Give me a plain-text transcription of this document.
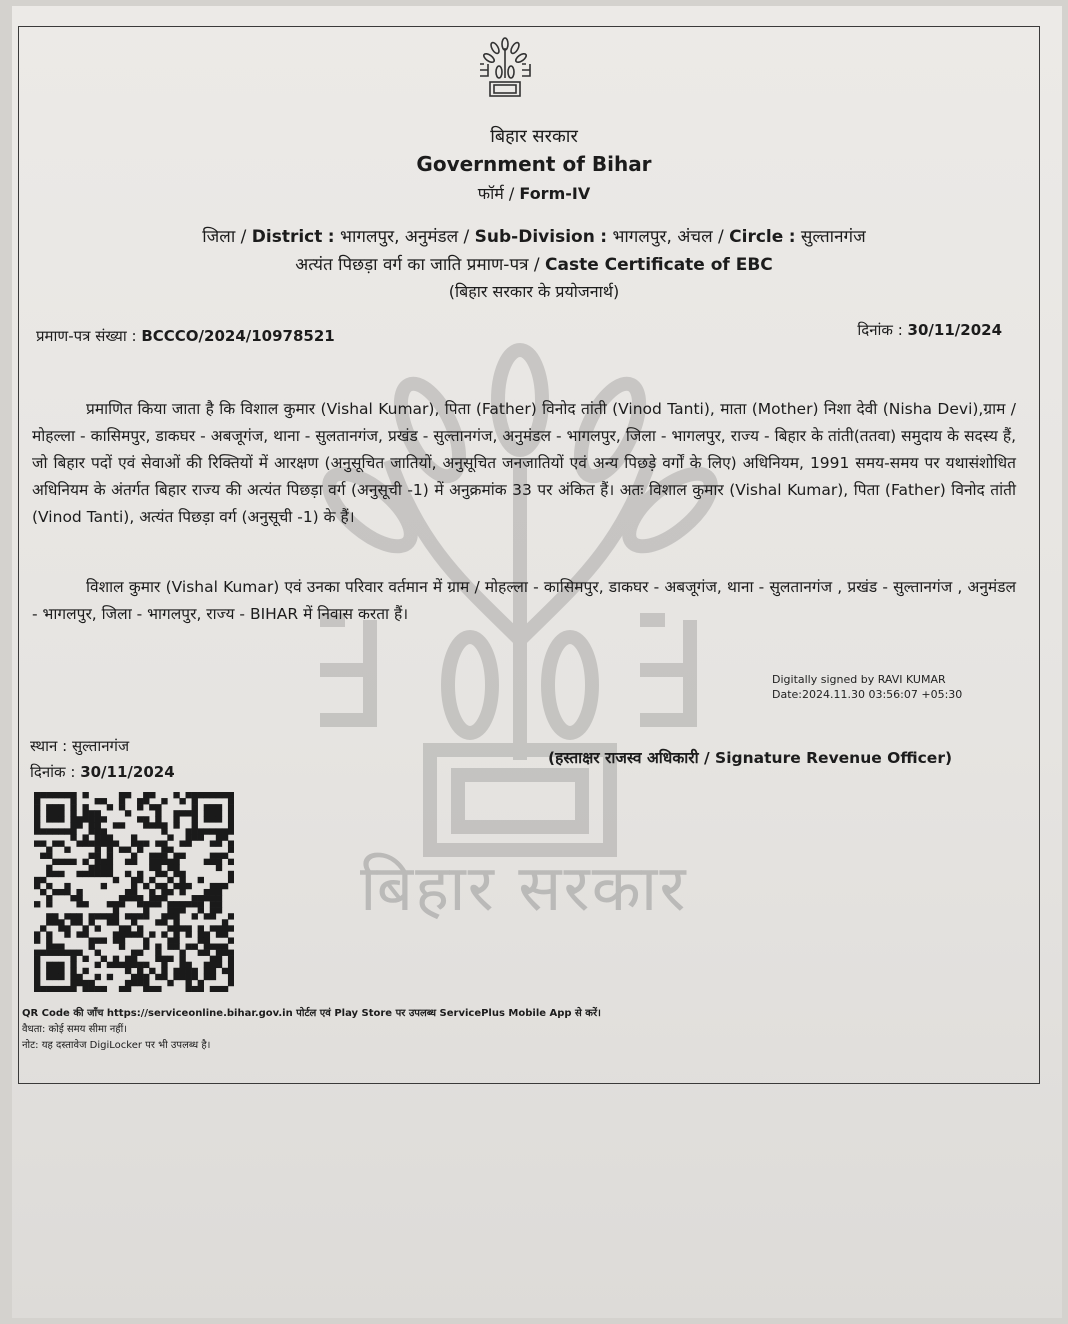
बिहार सरकार
बिहार सरकार
Government of Bihar
फॉर्म / Form-IV
जिला / District : भागलपुर, अनुमंडल / Sub-Division : भागलपुर, अंचल / Circle : सुल्तानगंज
अत्यंत पिछड़ा वर्ग का जाति प्रमाण-पत्र / Caste Certificate of EBC
(बिहार सरकार के प्रयोजनार्थ)
प्रमाण-पत्र संख्या : BCCCO/2024/10978521	दिनांक : 30/11/2024
प्रमाणित किया जाता है कि विशाल कुमार (Vishal Kumar), पिता (Father) विनोद तांती (Vinod Tanti), माता (Mother) निशा देवी (Nisha Devi),ग्राम / मोहल्ला - कासिमपुर, डाकघर - अबजूगंज, थाना - सुलतानगंज, प्रखंड - सुल्तानगंज, अनुमंडल - भागलपुर, जिला - भागलपुर, राज्य - बिहार के तांती(ततवा) समुदाय के सदस्य हैं, जो बिहार पदों एवं सेवाओं की रिक्तियों में आरक्षण (अनुसूचित जातियों, अनुसूचित जनजातियों एवं अन्य पिछड़े वर्गों के लिए) अधिनियम, 1991 समय-समय पर यथासंशोधित अधिनियम के अंतर्गत बिहार राज्य की अत्यंत पिछड़ा वर्ग (अनुसूची -1) में अनुक्रमांक 33 पर अंकित हैं। अतः विशाल कुमार (Vishal Kumar), पिता (Father) विनोद तांती (Vinod Tanti), अत्यंत पिछड़ा वर्ग (अनुसूची -1) के हैं।
विशाल कुमार (Vishal Kumar) एवं उनका परिवार वर्तमान में ग्राम / मोहल्ला - कासिमपुर, डाकघर - अबजूगंज, थाना - सुलतानगंज , प्रखंड - सुल्तानगंज , अनुमंडल - भागलपुर, जिला - भागलपुर, राज्य - BIHAR में निवास करता हैं।
Digitally signed by RAVI KUMAR
Date:2024.11.30 03:56:07 +05:30
स्थान : सुल्तानगंज
दिनांक : 30/11/2024
(हस्ताक्षर राजस्व अधिकारी / Signature Revenue Officer)
QR Code की जाँच https://serviceonline.bihar.gov.in पोर्टल एवं Play Store पर उपलब्ध ServicePlus Mobile App से करें।
वैधता: कोई समय सीमा नहीं।
नोट: यह दस्तावेज DigiLocker पर भी उपलब्ध है।
